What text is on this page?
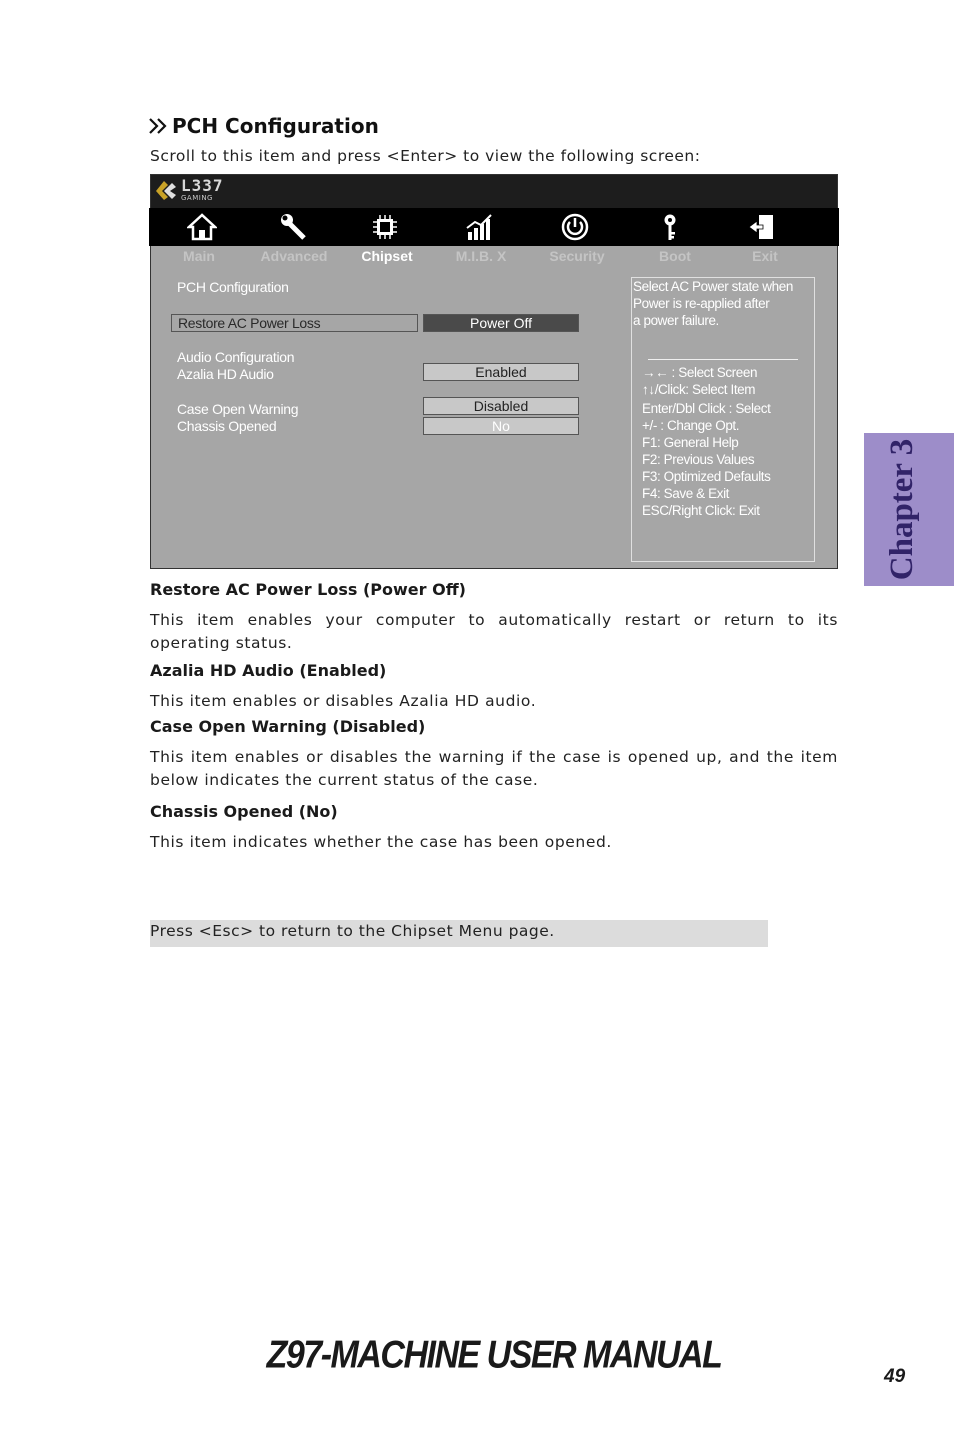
PCH Configuration
Scroll to this item and press <Enter> to view the following screen:
L337
GAMING
Main	Advanced	Chipset	M.I.B. X	Security	Boot	Exit
PCH Configuration
Restore AC Power Loss	Power Off
Audio Configuration
Azalia HD Audio	Enabled
Case Open Warning	Disabled
Chassis Opened	No
Select AC Power state when
Power is re-applied after
a power failure.
→← : Select Screen
↑↓/Click: Select Item
Enter/Dbl Click : Select
+/- : Change Opt.
F1: General Help
F2: Previous Values
F3: Optimized Defaults
F4: Save & Exit
ESC/Right Click: Exit
Restore AC Power Loss (Power Off)
This item enables your computer to automatically restart or return to its operating status.
Azalia HD Audio (Enabled)
This item enables or disables Azalia HD audio.
Case Open Warning (Disabled)
This item enables or disables the warning if the case is opened up, and the item below indicates the current status of the case.
Chassis Opened (No)
This item indicates whether the case has been opened.
Press <Esc> to return to the Chipset Menu page.
Chapter 3
Z97-MACHINE USER MANUAL	49
